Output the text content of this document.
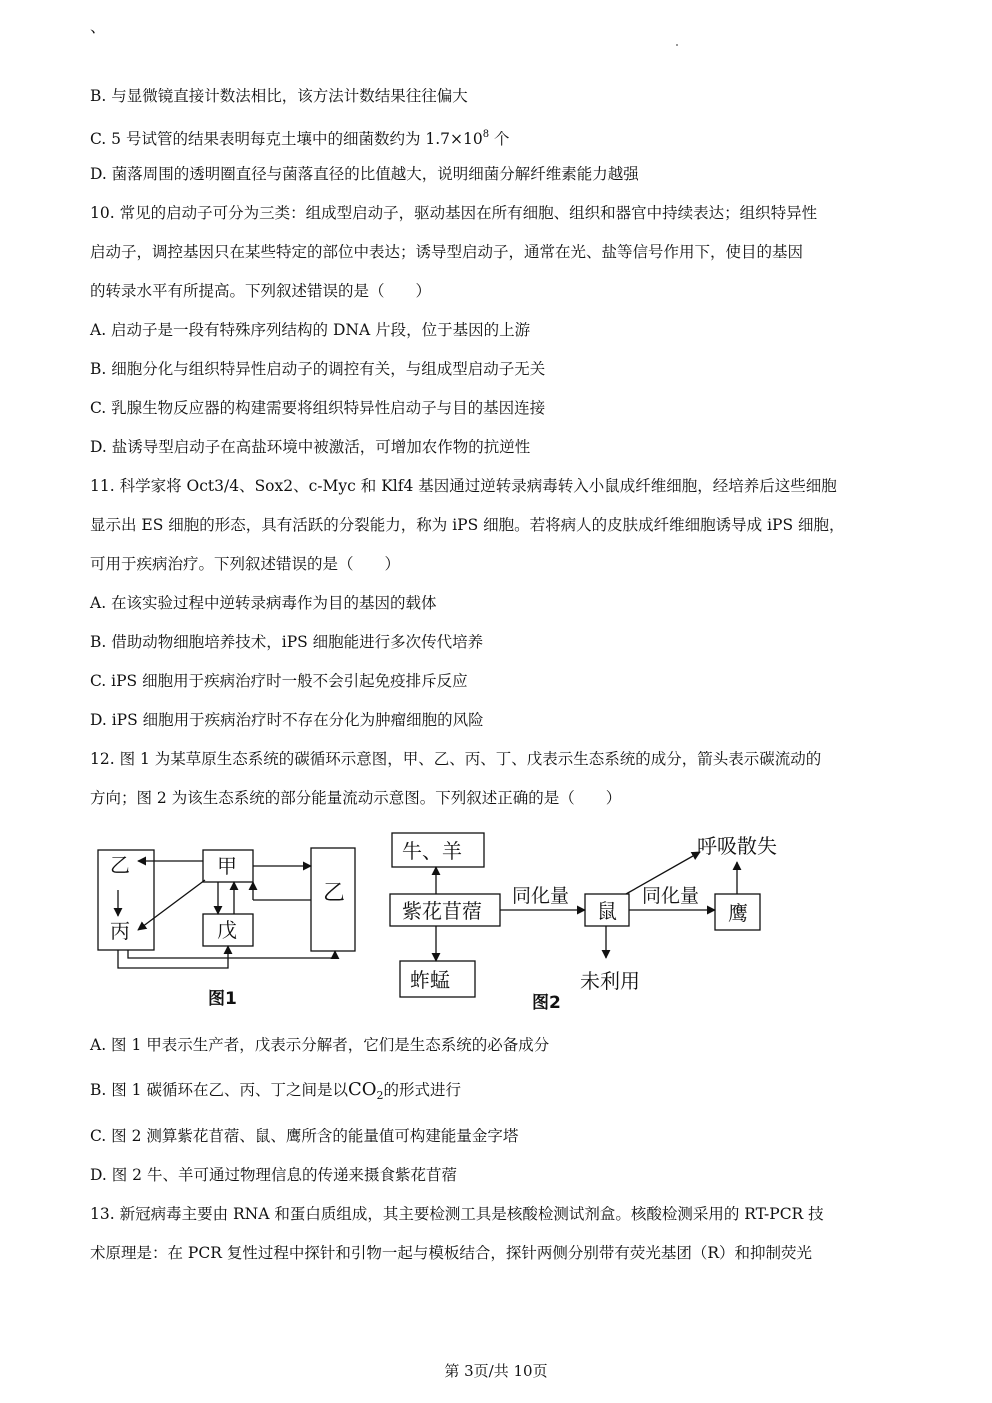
、

B. 与显微镜直接计数法相比，该方法计数结果往往偏大

C. 5 号试管的结果表明每克土壤中的细菌数约为 $1.7\times 10^8$ 个

D. 菌落周围的透明圈直径与菌落直径的比值越大，说明细菌分解纤维素能力越强

10. 常见的启动子可分为三类：组成型启动子，驱动基因在所有细胞、组织和器官中持续表达；组织特异性

启动子，调控基因只在某些特定的部位中表达；诱导型启动子，通常在光、盐等信号作用下，使目的基因

的转录水平有所提高。下列叙述错误的是（　　）

A. 启动子是一段有特殊序列结构的 DNA 片段，位于基因的上游

B. 细胞分化与组织特异性启动子的调控有关，与组成型启动子无关

C. 乳腺生物反应器的构建需要将组织特异性启动子与目的基因连接

D. 盐诱导型启动子在高盐环境中被激活，可增加农作物的抗逆性

11. 科学家将 Oct3/4、Sox2、c-Myc 和 Klf4 基因通过逆转录病毒转入小鼠成纤维细胞，经培养后这些细胞

显示出 ES 细胞的形态，具有活跃的分裂能力，称为 iPS 细胞。若将病人的皮肤成纤维细胞诱导成 iPS 细胞，

可用于疾病治疗。下列叙述错误的是（　　）

A. 在该实验过程中逆转录病毒作为目的基因的载体

B. 借助动物细胞培养技术，iPS 细胞能进行多次传代培养

C. iPS 细胞用于疾病治疗时一般不会引起免疫排斥反应

D. iPS 细胞用于疾病治疗时不存在分化为肿瘤细胞的风险

12. 图 1 为某草原生态系统的碳循环示意图，甲、乙、丙、丁、戊表示生态系统的成分，箭头表示碳流动的

方向；图 2 为该生态系统的部分能量流动示意图。下列叙述正确的是（　　）

乙
丙
甲
戊
乙
图1
牛、羊
紫花苜蓿
蚱蜢
同化量
鼠
同化量
鹰
呼吸散失
未利用
图2

A. 图 1 甲表示生产者，戊表示分解者，它们是生态系统的必备成分

B. 图 1 碳循环在乙、丙、丁之间是以$CO_2$的形式进行

C. 图 2 测算紫花苜蓿、鼠、鹰所含的能量值可构建能量金字塔

D. 图 2 牛、羊可通过物理信息的传递来摄食紫花苜蓿

13. 新冠病毒主要由 RNA 和蛋白质组成，其主要检测工具是核酸检测试剂盒。核酸检测采用的 RT-PCR 技

术原理是：在 PCR 复性过程中探针和引物一起与模板结合，探针两侧分别带有荧光基团（R）和抑制荧光

第 3页/共 10页
